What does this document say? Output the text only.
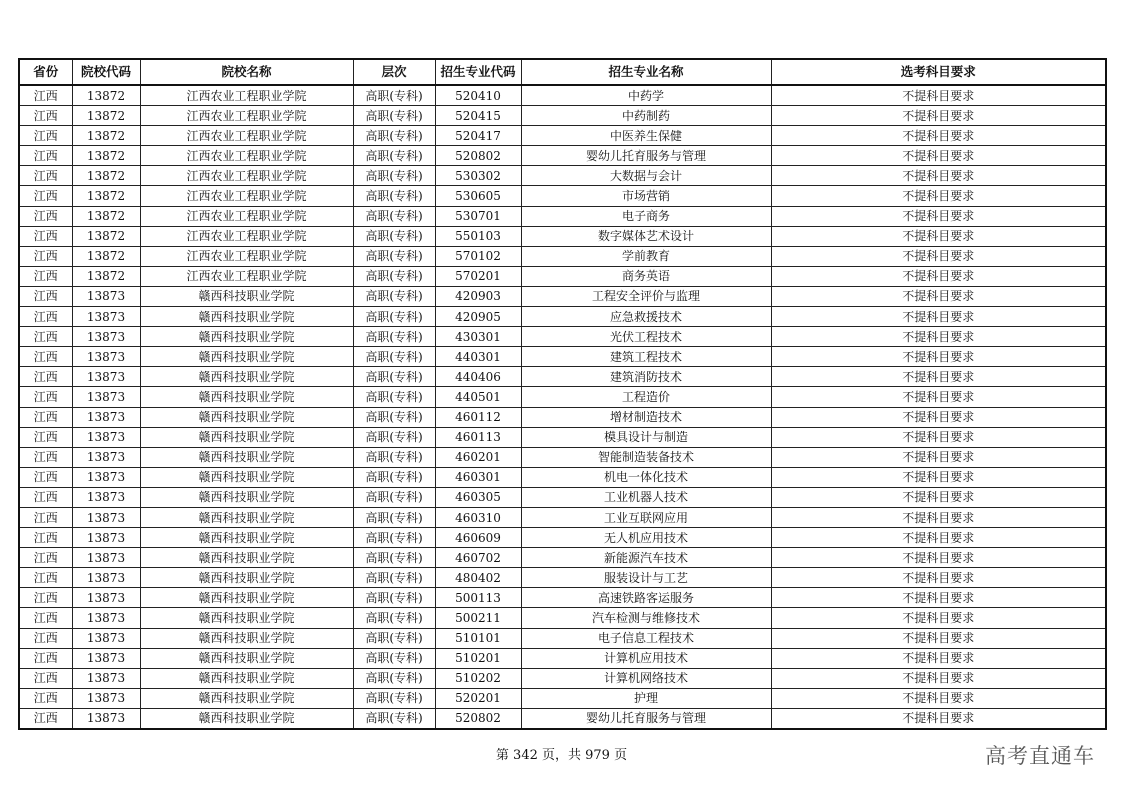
省份	院校代码	院校名称	层次	招生专业代码	招生专业名称	选考科目要求
江西	13872	江西农业工程职业学院	高职(专科)	520410	中药学	不提科目要求
江西	13872	江西农业工程职业学院	高职(专科)	520415	中药制药	不提科目要求
江西	13872	江西农业工程职业学院	高职(专科)	520417	中医养生保健	不提科目要求
江西	13872	江西农业工程职业学院	高职(专科)	520802	婴幼儿托育服务与管理	不提科目要求
江西	13872	江西农业工程职业学院	高职(专科)	530302	大数据与会计	不提科目要求
江西	13872	江西农业工程职业学院	高职(专科)	530605	市场营销	不提科目要求
江西	13872	江西农业工程职业学院	高职(专科)	530701	电子商务	不提科目要求
江西	13872	江西农业工程职业学院	高职(专科)	550103	数字媒体艺术设计	不提科目要求
江西	13872	江西农业工程职业学院	高职(专科)	570102	学前教育	不提科目要求
江西	13872	江西农业工程职业学院	高职(专科)	570201	商务英语	不提科目要求
江西	13873	赣西科技职业学院	高职(专科)	420903	工程安全评价与监理	不提科目要求
江西	13873	赣西科技职业学院	高职(专科)	420905	应急救援技术	不提科目要求
江西	13873	赣西科技职业学院	高职(专科)	430301	光伏工程技术	不提科目要求
江西	13873	赣西科技职业学院	高职(专科)	440301	建筑工程技术	不提科目要求
江西	13873	赣西科技职业学院	高职(专科)	440406	建筑消防技术	不提科目要求
江西	13873	赣西科技职业学院	高职(专科)	440501	工程造价	不提科目要求
江西	13873	赣西科技职业学院	高职(专科)	460112	增材制造技术	不提科目要求
江西	13873	赣西科技职业学院	高职(专科)	460113	模具设计与制造	不提科目要求
江西	13873	赣西科技职业学院	高职(专科)	460201	智能制造装备技术	不提科目要求
江西	13873	赣西科技职业学院	高职(专科)	460301	机电一体化技术	不提科目要求
江西	13873	赣西科技职业学院	高职(专科)	460305	工业机器人技术	不提科目要求
江西	13873	赣西科技职业学院	高职(专科)	460310	工业互联网应用	不提科目要求
江西	13873	赣西科技职业学院	高职(专科)	460609	无人机应用技术	不提科目要求
江西	13873	赣西科技职业学院	高职(专科)	460702	新能源汽车技术	不提科目要求
江西	13873	赣西科技职业学院	高职(专科)	480402	服装设计与工艺	不提科目要求
江西	13873	赣西科技职业学院	高职(专科)	500113	高速铁路客运服务	不提科目要求
江西	13873	赣西科技职业学院	高职(专科)	500211	汽车检测与维修技术	不提科目要求
江西	13873	赣西科技职业学院	高职(专科)	510101	电子信息工程技术	不提科目要求
江西	13873	赣西科技职业学院	高职(专科)	510201	计算机应用技术	不提科目要求
江西	13873	赣西科技职业学院	高职(专科)	510202	计算机网络技术	不提科目要求
江西	13873	赣西科技职业学院	高职(专科)	520201	护理	不提科目要求
江西	13873	赣西科技职业学院	高职(专科)	520802	婴幼儿托育服务与管理	不提科目要求
第 342 页，共 979 页	高考直通车
